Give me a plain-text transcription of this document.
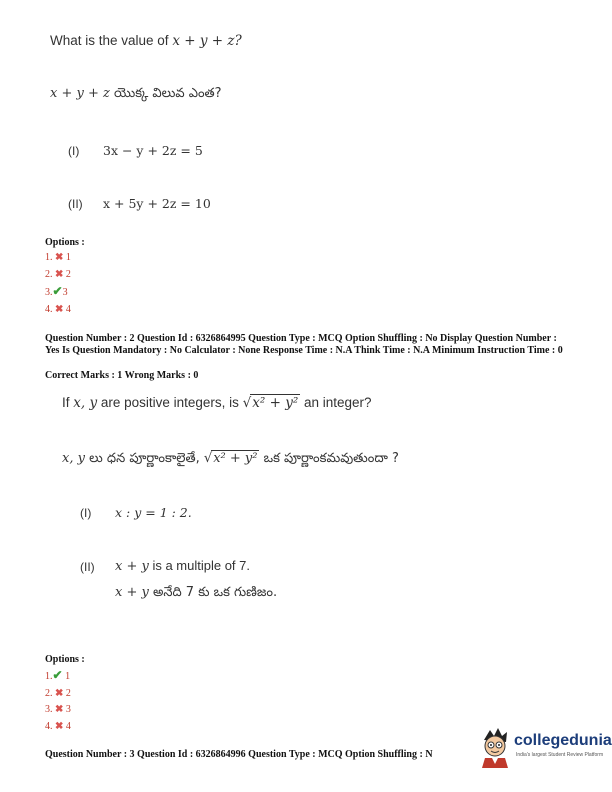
What is the value of x + y + z?
x + y + z యొక్క విలువ ఎంత?
(I) 3x − y + 2z = 5
(II) x + 5y + 2z = 10
Options :
1. ✖ 1
2. ✖ 2
3.✔3
4. ✖ 4
Question Number : 2 Question Id : 6326864995 Question Type : MCQ Option Shuffling : No Display Question Number : Yes Is Question Mandatory : No Calculator : None Response Time : N.A Think Time : N.A Minimum Instruction Time : 0
Correct Marks : 1 Wrong Marks : 0
If x, y are positive integers, is √x² + y² an integer?
x, y లు ధన పూర్ణాంకాలైతే, √x² + y² ఒక పూర్ణాంకమవుతుందా ?
(I) x : y = 1 : 2.
(II) x + y is a multiple of 7.
x + y అనేది 7 కు ఒక గుణిజం.
Options :
1.✔ 1
2. ✖ 2
3. ✖ 3
4. ✖ 4
Question Number : 3 Question Id : 6326864996 Question Type : MCQ Option Shuffling : N
collegedunia
India's largest Student Review Platform
